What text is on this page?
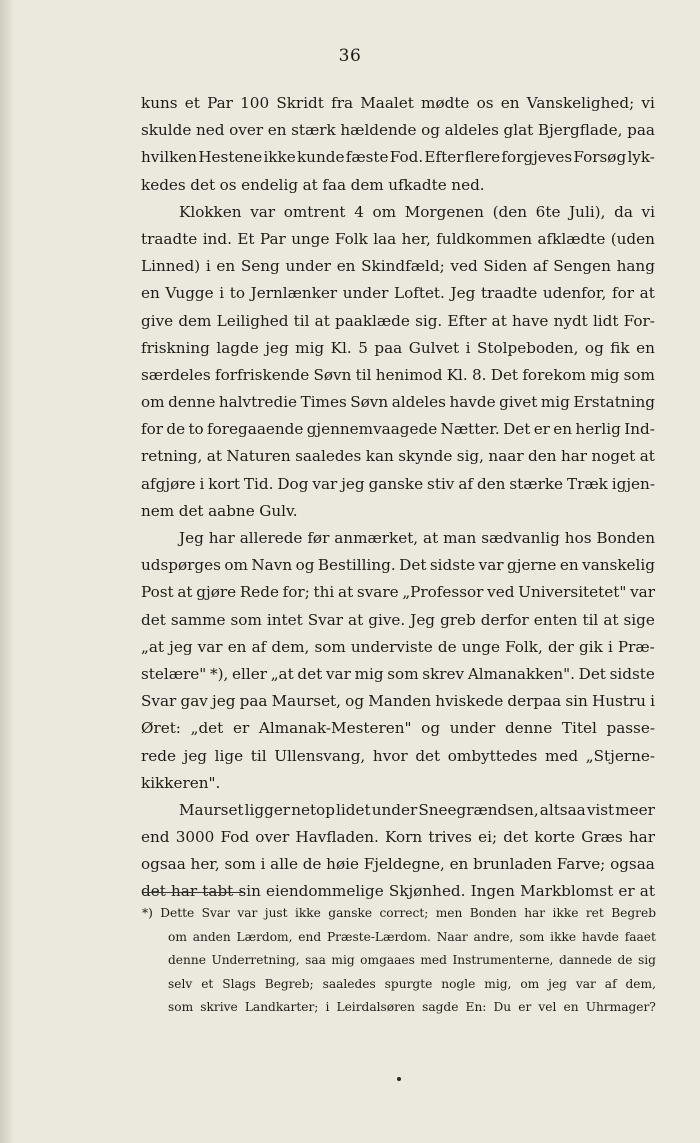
36
kuns et Par 100 Skridt fra Maalet mødte os en Vanskelighed; vi
skulde ned over en stærk hældende og aldeles glat Bjergflade, paa
hvilken Hestene ikke kunde fæste Fod. Efter flere forgjeves Forsøg lyk-
kedes det os endelig at faa dem ufkadte ned.
Klokken var omtrent 4 om Morgenen (den 6te Juli), da vi
traadte ind. Et Par unge Folk laa her, fuldkommen afklædte (uden
Linned) i en Seng under en Skindfæld; ved Siden af Sengen hang
en Vugge i to Jernlænker under Loftet. Jeg traadte udenfor, for at
give dem Leilighed til at paaklæde sig. Efter at have nydt lidt For-
friskning lagde jeg mig Kl. 5 paa Gulvet i Stolpeboden, og fik en
særdeles forfriskende Søvn til henimod Kl. 8. Det forekom mig som
om denne halvtredie Times Søvn aldeles havde givet mig Erstatning
for de to foregaaende gjennemvaagede Nætter. Det er en herlig Ind-
retning, at Naturen saaledes kan skynde sig, naar den har noget at
afgjøre i kort Tid. Dog var jeg ganske stiv af den stærke Træk igjen-
nem det aabne Gulv.
Jeg har allerede før anmærket, at man sædvanlig hos Bonden
udspørges om Navn og Bestilling. Det sidste var gjerne en vanskelig
Post at gjøre Rede for; thi at svare „Professor ved Universitetet" var
det samme som intet Svar at give. Jeg greb derfor enten til at sige
„at jeg var en af dem, som underviste de unge Folk, der gik i Præ-
stelære" *), eller „at det var mig som skrev Almanakken". Det sidste
Svar gav jeg paa Maurset, og Manden hviskede derpaa sin Hustru i
Øret: „det er Almanak-Mesteren" og under denne Titel passe-
rede jeg lige til Ullensvang, hvor det ombyttedes med „Stjerne-
kikkeren".
Maurset ligger netop lidet under Sneegrændsen, altsaa vist meer
end 3000 Fod over Havfladen. Korn trives ei; det korte Græs har
ogsaa her, som i alle de høie Fjeldegne, en brunladen Farve; ogsaa
det har tabt sin eiendommelige Skjønhed. Ingen Markblomst er at
*) Dette Svar var just ikke ganske correct; men Bonden har ikke ret Begreb
om anden Lærdom, end Præste-Lærdom. Naar andre, som ikke havde faaet
denne Underretning, saa mig omgaaes med Instrumenterne, dannede de sig
selv et Slags Begreb; saaledes spurgte nogle mig, om jeg var af dem,
som skrive Landkarter; i Leirdalsøren sagde En: Du er vel en Uhrmager?
